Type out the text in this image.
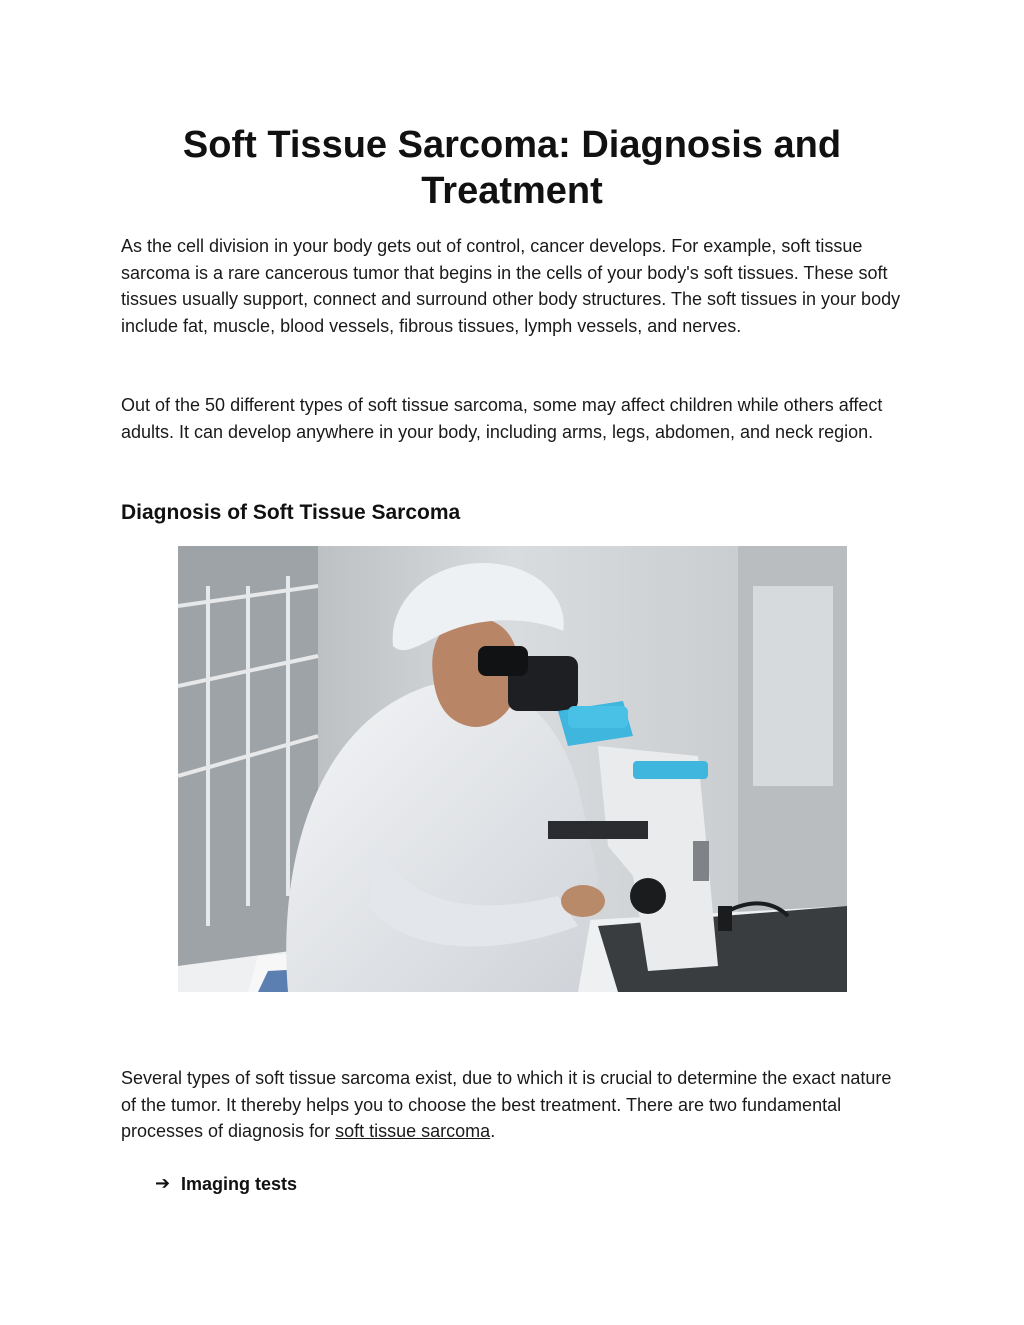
Soft Tissue Sarcoma: Diagnosis and Treatment

As the cell division in your body gets out of control, cancer develops. For example, soft tissue sarcoma is a rare cancerous tumor that begins in the cells of your body's soft tissues. These soft tissues usually support, connect and surround other body structures. The soft tissues in your body include fat, muscle, blood vessels, fibrous tissues, lymph vessels, and nerves.

Out of the 50 different types of soft tissue sarcoma, some may affect children while others affect adults. It can develop anywhere in your body, including arms, legs, abdomen, and neck region.

Diagnosis of Soft Tissue Sarcoma

Several types of soft tissue sarcoma exist, due to which it is crucial to determine the exact nature of the tumor. It thereby helps you to choose the best treatment. There are two fundamental processes of diagnosis for soft tissue sarcoma.

➔ Imaging tests
